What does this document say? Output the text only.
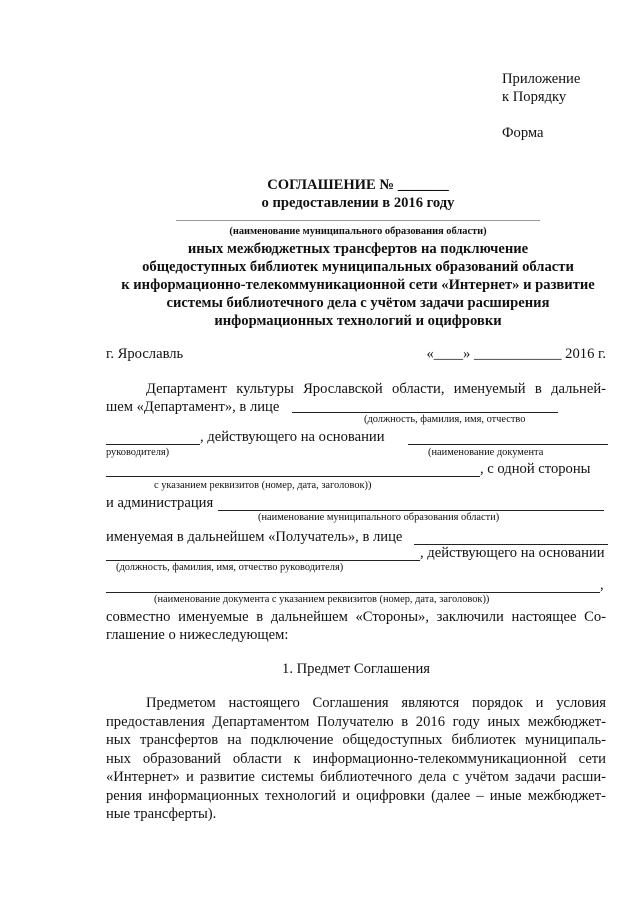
Приложение
к Порядку
Форма
СОГЛАШЕНИЕ № _______
о предоставлении в 2016 году
(наименование муниципального образования области)
иных межбюджетных трансфертов на подключение
общедоступных библиотек муниципальных образований области
к информационно-телекоммуникационной сети «Интернет» и развитие
системы библиотечного дела с учётом задачи расширения
информационных технологий и оцифровки
г. Ярославль	«____» ____________ 2016 г.
Департамент культуры Ярославской области, именуемый в дальней-
шем «Департамент», в лице
(должность, фамилия, имя, отчество
, действующего на основании
руководителя)	(наименование документа
, с одной стороны
с указанием реквизитов (номер, дата, заголовок))
и администрация
(наименование муниципального образования области)
именуемая в дальнейшем «Получатель», в лице
, действующего на основании
(должность, фамилия, имя, отчество руководителя)
,
(наименование документа с указанием реквизитов (номер, дата, заголовок))
совместно именуемые в дальнейшем «Стороны», заключили настоящее Со-
глашение о нижеследующем:
1. Предмет Соглашения
Предметом настоящего Соглашения являются порядок и условия
предоставления Департаментом Получателю в 2016 году иных межбюджет-
ных трансфертов на подключение общедоступных библиотек муниципаль-
ных образований области к информационно-телекоммуникационной сети
«Интернет» и развитие системы библиотечного дела с учётом задачи расши-
рения информационных технологий и оцифровки (далее – иные межбюджет-
ные трансферты).
